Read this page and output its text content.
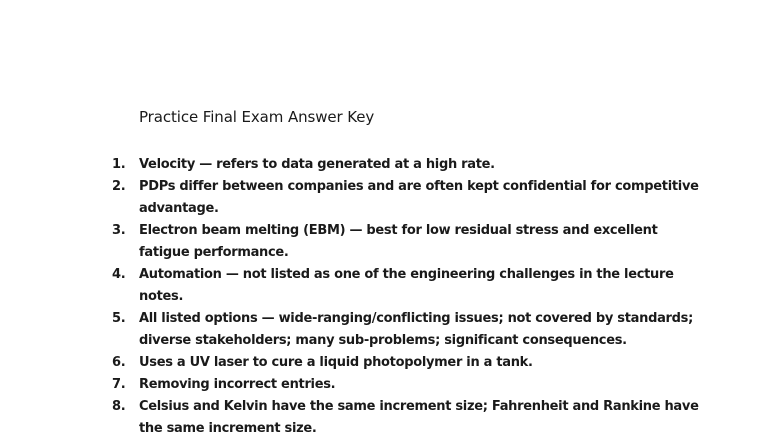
Practice Final Exam Answer Key
1.	Velocity — refers to data generated at a high rate.
2.	PDPs differ between companies and are often kept confidential for competitive advantage.
3.	Electron beam melting (EBM) — best for low residual stress and excellent fatigue performance.
4.	Automation — not listed as one of the engineering challenges in the lecture notes.
5.	All listed options — wide-ranging/conflicting issues; not covered by standards; diverse stakeholders; many sub-problems; significant consequences.
6.	Uses a UV laser to cure a liquid photopolymer in a tank.
7.	Removing incorrect entries.
8.	Celsius and Kelvin have the same increment size; Fahrenheit and Rankine have the same increment size.
